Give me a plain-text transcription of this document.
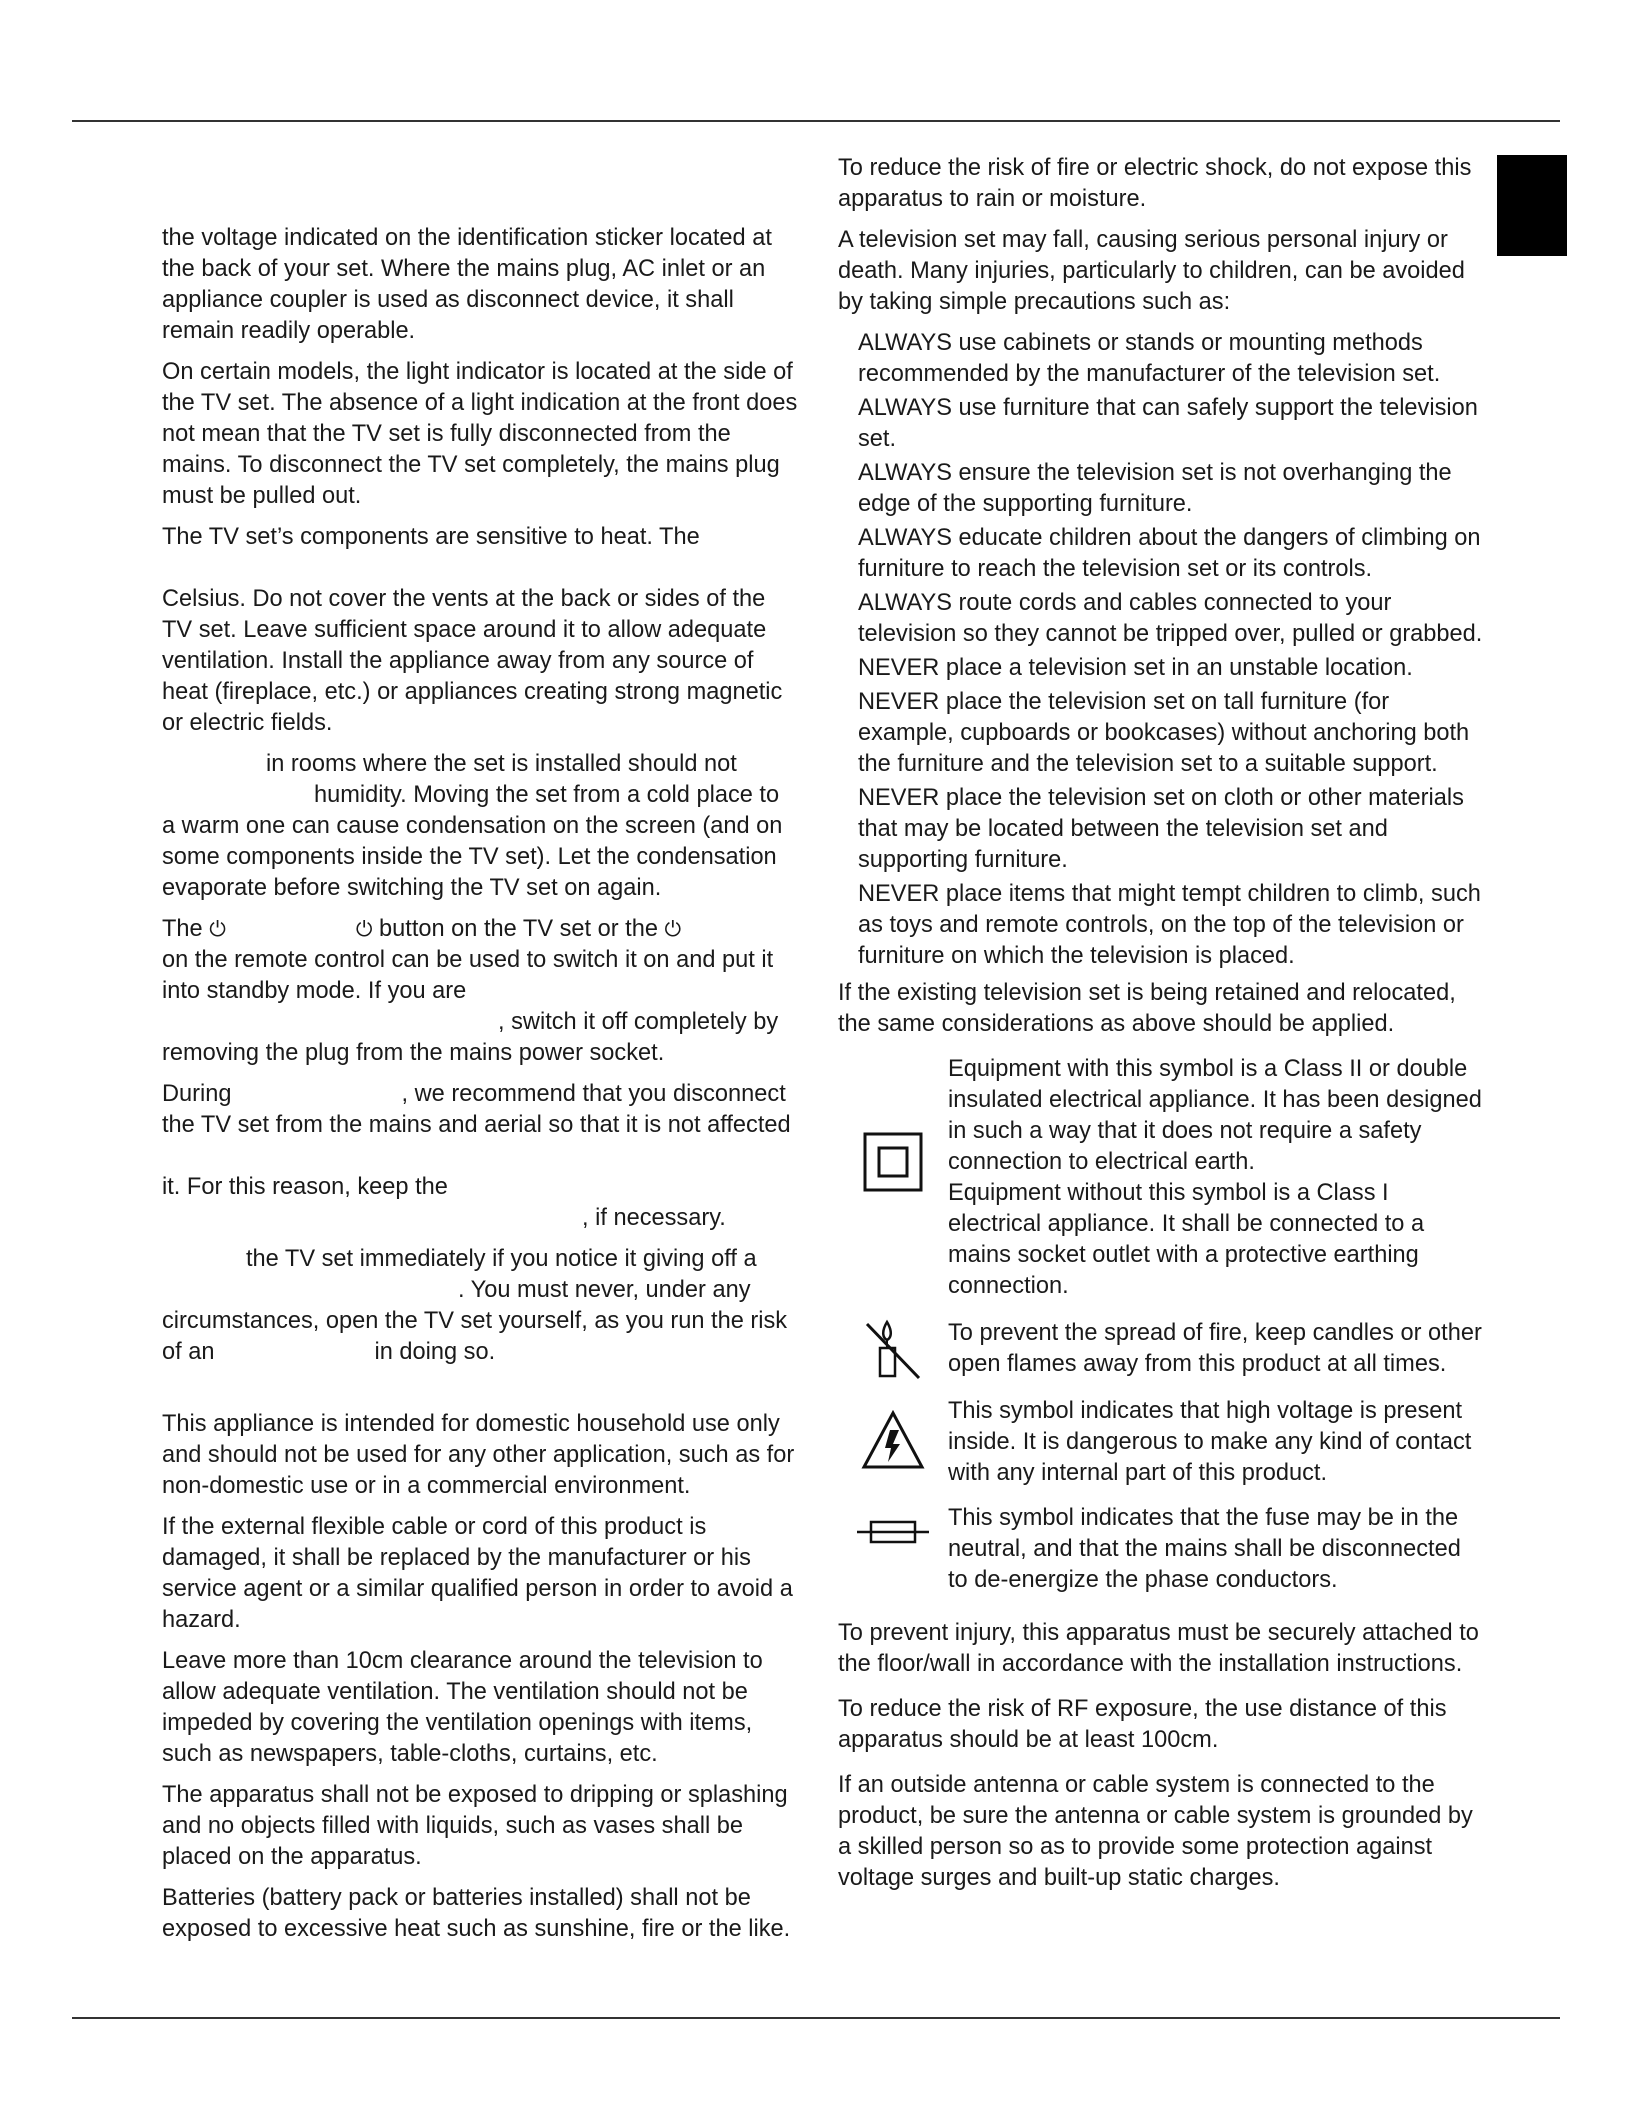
the voltage indicated on the identification sticker located at the back of your set. Where the mains plug, AC inlet or an appliance coupler is used as disconnect device, it shall remain readily operable.

On certain models, the light indicator is located at the side of the TV set. The absence of a light indication at the front does not mean that the TV set is fully disconnected from the mains. To disconnect the TV set completely, the mains plug must be pulled out.

The TV set’s components are sensitive to heat. The

Celsius. Do not cover the vents at the back or sides of the TV set. Leave sufficient space around it to allow adequate ventilation. Install the appliance away from any source of heat (fireplace, etc.) or appliances creating strong magnetic or electric fields.

in rooms where the set is installed should not
humidity. Moving the set from a cold place to
a warm one can cause condensation on the screen (and on some components inside the TV set). Let the condensation evaporate before switching the TV set on again.

The ⏻	⏻ button on the TV set or the ⏻
on the remote control can be used to switch it on and put it into standby mode. If you are
, switch it off completely by
removing the plug from the mains power socket.

During	, we recommend that you disconnect the TV set from the mains and aerial so that it is not affected

it. For this reason, keep the
, if necessary.

the TV set immediately if you notice it giving off a
. You must never, under any
circumstances, open the TV set yourself, as you run the risk
of an	in doing so.

This appliance is intended for domestic household use only and should not be used for any other application, such as for non-domestic use or in a commercial environment.

If the external flexible cable or cord of this product is damaged, it shall be replaced by the manufacturer or his service agent or a similar qualified person in order to avoid a hazard.

Leave more than 10cm clearance around the television to allow adequate ventilation. The ventilation should not be impeded by covering the ventilation openings with items, such as newspapers, table-cloths, curtains, etc.

The apparatus shall not be exposed to dripping or splashing and no objects filled with liquids, such as vases shall be placed on the apparatus.

Batteries (battery pack or batteries installed) shall not be exposed to excessive heat such as sunshine, fire or the like.

To reduce the risk of fire or electric shock, do not expose this apparatus to rain or moisture.

A television set may fall, causing serious personal injury or death. Many injuries, particularly to children, can be avoided by taking simple precautions such as:

ALWAYS use cabinets or stands or mounting methods recommended by the manufacturer of the television set.
ALWAYS use furniture that can safely support the television set.
ALWAYS ensure the television set is not overhanging the edge of the supporting furniture.
ALWAYS educate children about the dangers of climbing on furniture to reach the television set or its controls.
ALWAYS route cords and cables connected to your television so they cannot be tripped over, pulled or grabbed.
NEVER place a television set in an unstable location.
NEVER place the television set on tall furniture (for example, cupboards or bookcases) without anchoring both the furniture and the television set to a suitable support.
NEVER place the television set on cloth or other materials that may be located between the television set and supporting furniture.
NEVER place items that might tempt children to climb, such as toys and remote controls, on the top of the television or furniture on which the television is placed.

If the existing television set is being retained and relocated, the same considerations as above should be applied.

Equipment with this symbol is a Class II or double insulated electrical appliance. It has been designed in such a way that it does not require a safety connection to electrical earth.

Equipment without this symbol is a Class I electrical appliance. It shall be connected to a mains socket outlet with a protective earthing connection.

To prevent the spread of fire, keep candles or other open flames away from this product at all times.

This symbol indicates that high voltage is present inside. It is dangerous to make any kind of contact with any internal part of this product.

This symbol indicates that the fuse may be in the neutral, and that the mains shall be disconnected to de-energize the phase conductors.

To prevent injury, this apparatus must be securely attached to the floor/wall in accordance with the installation instructions.

To reduce the risk of RF exposure, the use distance of this apparatus should be at least 100cm.

If an outside antenna or cable system is connected to the product, be sure the antenna or cable system is grounded by a skilled person so as to provide some protection against voltage surges and built-up static charges.
